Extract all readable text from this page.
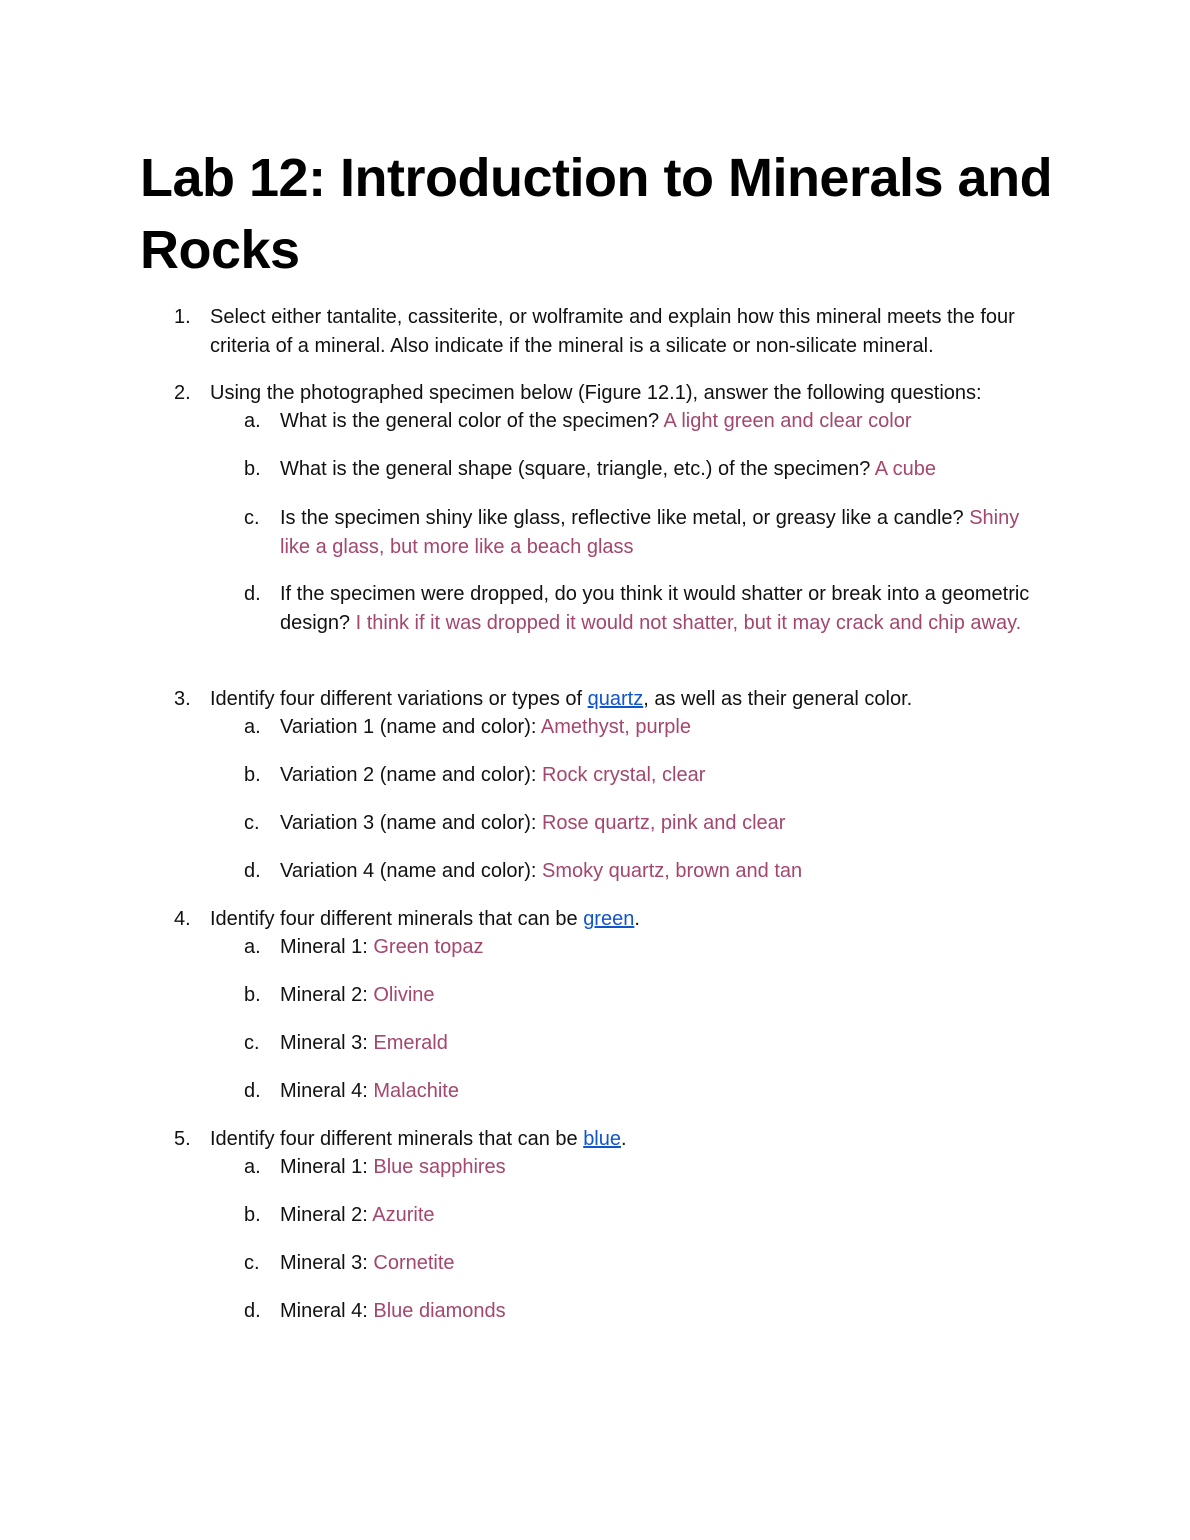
Lab 12: Introduction to Minerals and Rocks
1. Select either tantalite, cassiterite, or wolframite and explain how this mineral meets the four criteria of a mineral. Also indicate if the mineral is a silicate or non-silicate mineral.
2. Using the photographed specimen below (Figure 12.1), answer the following questions:
a. What is the general color of the specimen? A light green and clear color
b. What is the general shape (square, triangle, etc.) of the specimen? A cube
c.	Is the specimen shiny like glass, reflective like metal, or greasy like a candle? Shiny like a glass, but more like a beach glass
d. If the specimen were dropped, do you think it would shatter or break into a geometric design? I think if it was dropped it would not shatter, but it may crack and chip away.
3. Identify four different variations or types of quartz, as well as their general color.
a. Variation 1 (name and color): Amethyst, purple
b. Variation 2 (name and color): Rock crystal, clear
c.	Variation 3 (name and color): Rose quartz, pink and clear
d. Variation 4 (name and color): Smoky quartz, brown and tan
4. Identify four different minerals that can be green.
a. Mineral 1: Green topaz
b. Mineral 2: Olivine
c.	Mineral 3: Emerald
d. Mineral 4: Malachite
5. Identify four different minerals that can be blue.
a. Mineral 1: Blue sapphires
b. Mineral 2: Azurite
c.	Mineral 3: Cornetite
d. Mineral 4: Blue diamonds
